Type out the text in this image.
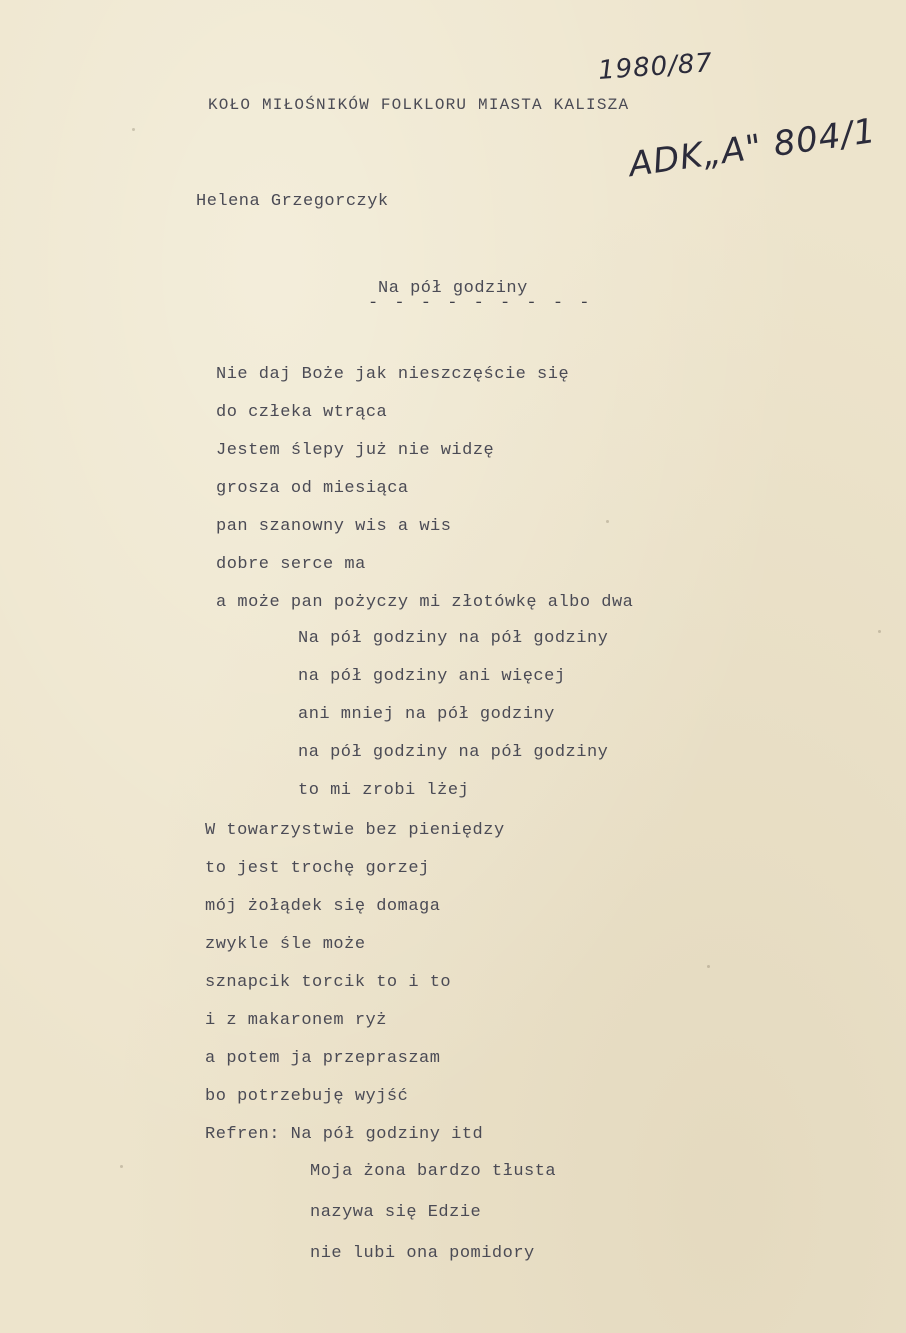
1980/87
ADK„A" 804/1
KOŁO MIŁOŚNIKÓW FOLKLORU MIASTA KALISZA
Helena Grzegorczyk
Na pół godziny
- - - - - - - - -
Nie daj Boże jak nieszczęście się
do człeka wtrąca
Jestem ślepy już nie widzę
grosza od miesiąca
pan szanowny wis a wis
dobre serce ma
a może pan pożyczy mi złotówkę albo dwa
Na pół godziny na pół godziny
na pół godziny ani więcej
ani mniej na pół godziny
na pół godziny na pół godziny
to mi zrobi lżej
W towarzystwie bez pieniędzy
to jest trochę gorzej
mój żołądek się domaga
zwykle śle może
sznapcik torcik to i to
i z makaronem ryż
a potem ja przepraszam
bo potrzebuję wyjść
Refren: Na pół godziny itd
Moja żona bardzo tłusta
nazywa się Edzie
nie lubi ona pomidory
